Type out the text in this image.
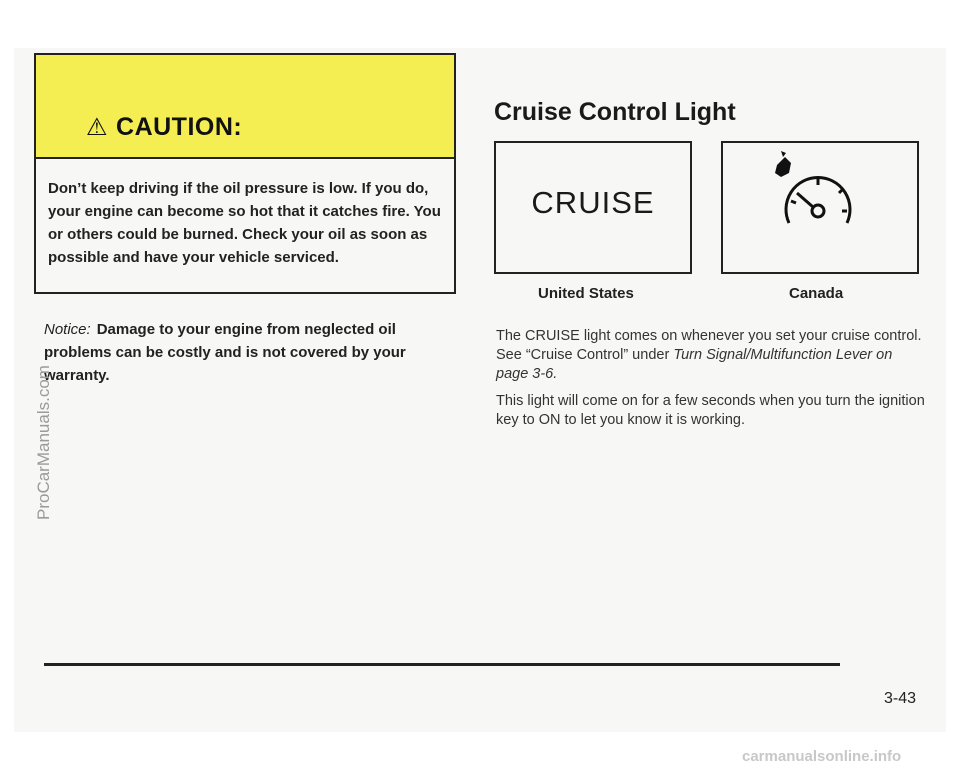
⚠ CAUTION:
Don’t keep driving if the oil pressure is low. If you do, your engine can become so hot that it catches fire. You or others could be burned. Check your oil as soon as possible and have your vehicle serviced.
Notice: Damage to your engine from neglected oil problems can be costly and is not covered by your warranty.
Cruise Control Light
CRUISE
United States	Canada
The CRUISE light comes on whenever you set your cruise control. See “Cruise Control” under Turn Signal/Multifunction Lever on page 3-6.
This light will come on for a few seconds when you turn the ignition key to ON to let you know it is working.
3-43
ProCarManuals.com
carmanualsonline.info
